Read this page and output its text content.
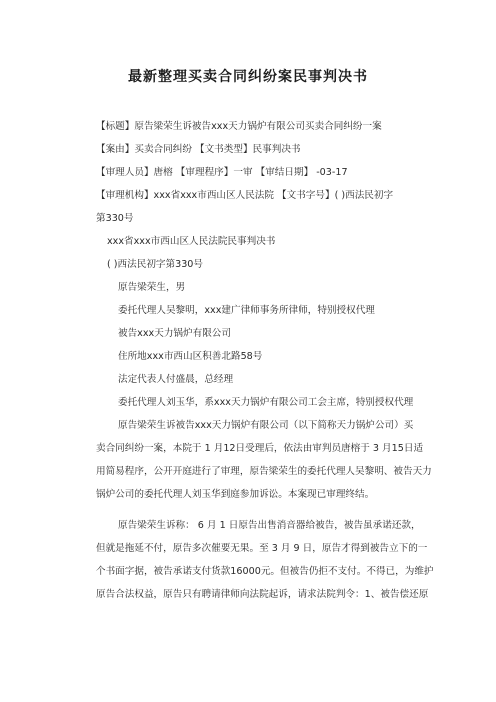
最新整理买卖合同纠纷案民事判决书
【标题】原告梁荣生诉被告xxx天力锅炉有限公司买卖合同纠纷一案
【案由】买卖合同纠纷 【文书类型】民事判决书
【审理人员】唐榕 【审理程序】一审 【审结日期】 -03-17
【审理机构】xxx省xxx市西山区人民法院 【文书字号】( )西法民初字
第330号
xxx省xxx市西山区人民法院民事判决书
( )西法民初字第330号
原告梁荣生，男
委托代理人吴黎明，xxx建广律师事务所律师，特别授权代理
被告xxx天力锅炉有限公司
住所地xxx市西山区积善北路58号
法定代表人付盛晨，总经理
委托代理人刘玉华，系xxx天力锅炉有限公司工会主席，特别授权代理
原告梁荣生诉被告xxx天力锅炉有限公司（以下简称天力锅炉公司）买
卖合同纠纷一案，本院于 1 月12日受理后，依法由审判员唐榕于 3 月15日适
用简易程序，公开开庭进行了审理，原告梁荣生的委托代理人吴黎明、被告天力
锅炉公司的委托代理人刘玉华到庭参加诉讼。本案现已审理终结。
原告梁荣生诉称： 6 月 1 日原告出售消音器给被告，被告虽承诺还款，
但就是拖延不付，原告多次催要无果。至 3 月 9 日，原告才得到被告立下的一
个书面字据，被告承诺支付货款16000元。但被告仍拒不支付。不得已，为维护
原告合法权益，原告只有聘请律师向法院起诉，请求法院判令：1、被告偿还原
